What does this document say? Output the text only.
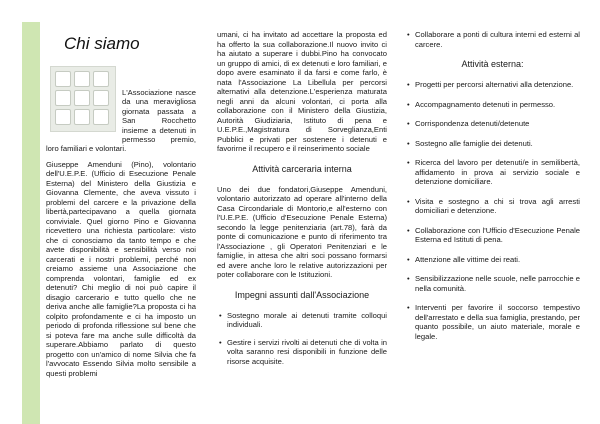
Chi siamo
L'Associazione nasce da una meravigliosa giornata passata a San Rocchetto insieme a detenuti in permesso premio, loro familiari e volontari.
Giuseppe Amenduni (Pino), volontario dell'U.E.P.E. (Ufficio di Esecuzione Penale Esterna) del Ministero della Giustizia e Giovanna Clemente, che aveva vissuto i problemi del carcere e la privazione della libertà,partecipavano a quella giornata conviviale. Quel giorno Pino e Giovanna ricevettero una richiesta particolare: visto che ci conosciamo da tanto tempo e che avete disponibilità e sensibilità verso noi carcerati e i nostri problemi, perché non creiamo assieme una Associazione che comprenda volontari, famiglie ed ex detenuti? Chi meglio di noi può capire il disagio carcerario e tutto quello che ne deriva anche alle famiglie?La proposta ci ha colpito profondamente e ci ha imposto un periodo di profonda riflessione sul bene che si poteva fare ma anche sulle difficoltà da superare.Abbiamo parlato di questo progetto con un'amico di nome Silvia che fa l'avvocato Essendo Silvia molto sensibile a questi problemi
umani, ci ha invitato ad accettare la proposta ed ha offerto la sua collaborazione.Il nuovo invito ci ha aiutato a superare i dubbi.Pino ha convocato un gruppo di amici, di ex detenuti e loro familiari, e dopo avere esaminato il da farsi e come farlo, è nata l'Associazione La Libellula per percorsi alternativi alla detenzione.L'esperienza maturata negli anni da alcuni volontari, ci porta alla collaborazione con il Ministero della Giustizia, Autorità Giudiziaria, Istituto di pena e U.E.P.E.,Magistratura di Sorveglianza,Enti Pubblici e privati per sostenere i detenuti e favorirne il recupero e il reinserimento sociale
Attività carceraria interna
Uno dei due fondatori,Giuseppe Amenduni, volontario autorizzato ad operare all'interno della Casa Circondariale di Montorio,e all'esterno con l'U.E.P.E. (Ufficio d'Esecuzione Penale Esterna) secondo la legge penitenziaria (art.78), farà da ponte di comunicazione e punto di riferimento tra l'Associazione , gli Operatori Penitenziari e le famiglie, in attesa che altri soci possano formarsi ed avere anche loro le relative autorizzazioni per poter collaborare con le Istituzioni.
Impegni assunti dall'Associazione
• Sostegno morale ai detenuti tramite colloqui individuali.
• Gestire i servizi rivolti ai detenuti che di volta in volta saranno resi disponibili in funzione delle risorse acquisite.
• Collaborare a ponti di cultura interni ed esterni al carcere.
Attività esterna:
• Progetti per percorsi alternativi alla detenzione.
• Accompagnamento detenuti in permesso.
• Corrispondenza detenuti/detenute
• Sostegno alle famiglie dei detenuti.
• Ricerca del lavoro per detenuti/e in semilibertà, affidamento in prova ai servizio sociale e detenzione domiciliare.
• Visita e sostegno a chi si trova agli arresti domiciliari e detenzione.
• Collaborazione con l'Ufficio d'Esecuzione Penale Esterna ed Istituti di pena.
• Attenzione alle vittime dei reati.
• Sensibilizzazione nelle scuole, nelle parrocchie e nella comunità.
• Interventi per favorire il soccorso tempestivo dell'arrestato e della sua famiglia, prestando, per quanto possibile, un aiuto materiale, morale e legale.
